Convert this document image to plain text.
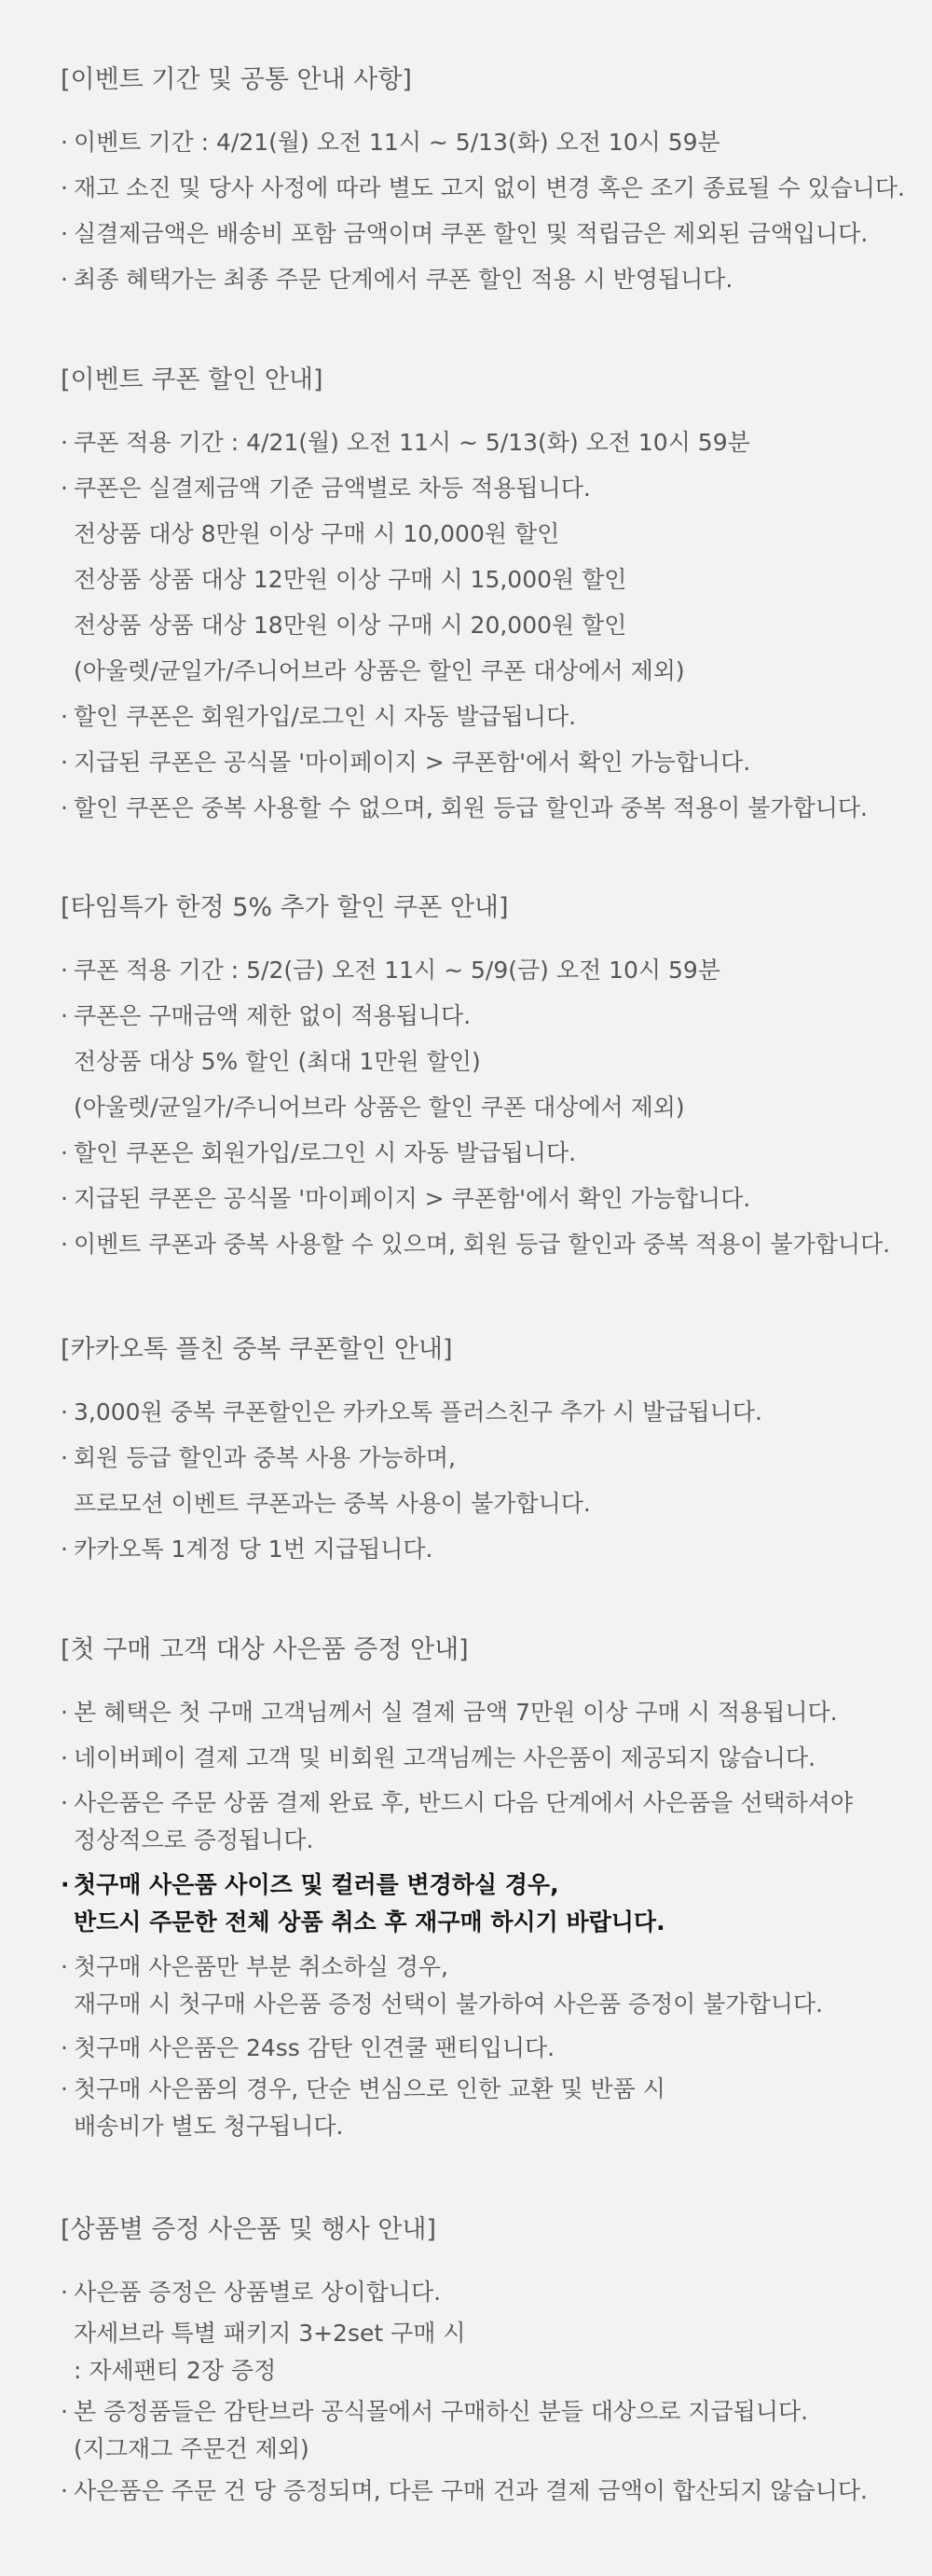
[이벤트 기간 및 공통 안내 사항]
· 이벤트 기간 : 4/21(월) 오전 11시 ~ 5/13(화) 오전 10시 59분
· 재고 소진 및 당사 사정에 따라 별도 고지 없이 변경 혹은 조기 종료될 수 있습니다.
· 실결제금액은 배송비 포함 금액이며 쿠폰 할인 및 적립금은 제외된 금액입니다.
· 최종 혜택가는 최종 주문 단계에서 쿠폰 할인 적용 시 반영됩니다.
[이벤트 쿠폰 할인 안내]
· 쿠폰 적용 기간 : 4/21(월) 오전 11시 ~ 5/13(화) 오전 10시 59분
· 쿠폰은 실결제금액 기준 금액별로 차등 적용됩니다.
전상품 대상 8만원 이상 구매 시 10,000원 할인
전상품 상품 대상 12만원 이상 구매 시 15,000원 할인
전상품 상품 대상 18만원 이상 구매 시 20,000원 할인
(아울렛/균일가/주니어브라 상품은 할인 쿠폰 대상에서 제외)
· 할인 쿠폰은 회원가입/로그인 시 자동 발급됩니다.
· 지급된 쿠폰은 공식몰 '마이페이지 > 쿠폰함'에서 확인 가능합니다.
· 할인 쿠폰은 중복 사용할 수 없으며, 회원 등급 할인과 중복 적용이 불가합니다.
[타임특가 한정 5% 추가 할인 쿠폰 안내]
· 쿠폰 적용 기간 : 5/2(금) 오전 11시 ~ 5/9(금) 오전 10시 59분
· 쿠폰은 구매금액 제한 없이 적용됩니다.
전상품 대상 5% 할인 (최대 1만원 할인)
(아울렛/균일가/주니어브라 상품은 할인 쿠폰 대상에서 제외)
· 할인 쿠폰은 회원가입/로그인 시 자동 발급됩니다.
· 지급된 쿠폰은 공식몰 '마이페이지 > 쿠폰함'에서 확인 가능합니다.
· 이벤트 쿠폰과 중복 사용할 수 있으며, 회원 등급 할인과 중복 적용이 불가합니다.
[카카오톡 플친 중복 쿠폰할인 안내]
· 3,000원 중복 쿠폰할인은 카카오톡 플러스친구 추가 시 발급됩니다.
· 회원 등급 할인과 중복 사용 가능하며,
프로모션 이벤트 쿠폰과는 중복 사용이 불가합니다.
· 카카오톡 1계정 당 1번 지급됩니다.
[첫 구매 고객 대상 사은품 증정 안내]
· 본 혜택은 첫 구매 고객님께서 실 결제 금액 7만원 이상 구매 시 적용됩니다.
· 네이버페이 결제 고객 및 비회원 고객님께는 사은품이 제공되지 않습니다.
· 사은품은 주문 상품 결제 완료 후, 반드시 다음 단계에서 사은품을 선택하셔야
정상적으로 증정됩니다.
· 첫구매 사은품 사이즈 및 컬러를 변경하실 경우,
반드시 주문한 전체 상품 취소 후 재구매 하시기 바랍니다.
· 첫구매 사은품만 부분 취소하실 경우,
재구매 시 첫구매 사은품 증정 선택이 불가하여 사은품 증정이 불가합니다.
· 첫구매 사은품은 24ss 감탄 인견쿨 팬티입니다.
· 첫구매 사은품의 경우, 단순 변심으로 인한 교환 및 반품 시
배송비가 별도 청구됩니다.
[상품별 증정 사은품 및 행사 안내]
· 사은품 증정은 상품별로 상이합니다.
자세브라 특별 패키지 3+2set 구매 시
: 자세팬티 2장 증정
· 본 증정품들은 감탄브라 공식몰에서 구매하신 분들 대상으로 지급됩니다.
(지그재그 주문건 제외)
· 사은품은 주문 건 당 증정되며, 다른 구매 건과 결제 금액이 합산되지 않습니다.
